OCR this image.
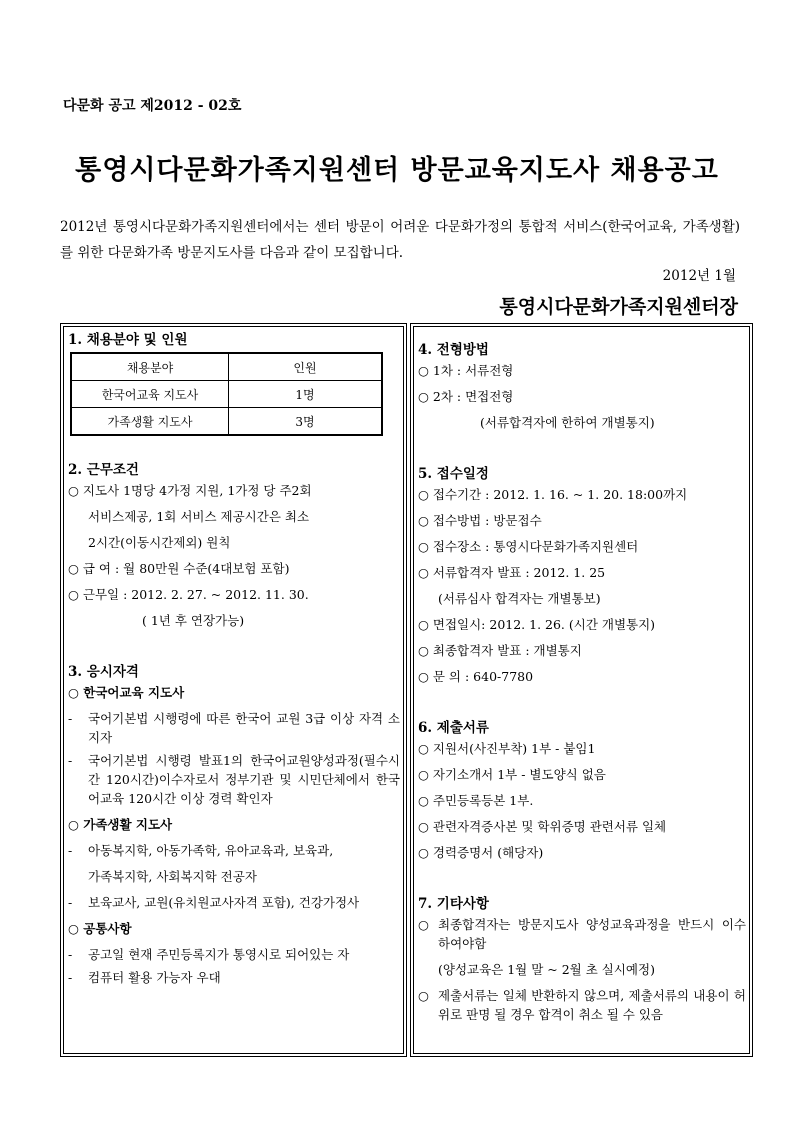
다문화 공고 제2012 - 02호
통영시다문화가족지원센터 방문교육지도사 채용공고
2012년 통영시다문화가족지원센터에서는 센터 방문이 어려운 다문화가정의 통합적 서비스(한국어교육, 가족생활)를 위한 다문화가족 방문지도사를 다음과 같이 모집합니다.
2012년 1월
통영시다문화가족지원센터장
1. 채용분야 및 인원
채용분야	인원
한국어교육 지도사	1명
가족생활 지도사	3명
2. 근무조건
○ 지도사 1명당 4가정 지원, 1가정 당 주2회
서비스제공, 1회 서비스 제공시간은 최소
2시간(이동시간제외) 원칙
○ 급 여 : 월 80만원 수준(4대보험 포함)
○ 근무일 : 2012. 2. 27. ~ 2012. 11. 30.
( 1년 후 연장가능)
3. 응시자격
○ 한국어교육 지도사
-	국어기본법 시행령에 따른 한국어 교원 3급 이상 자격 소지자
-	국어기본법 시행령 발표1의 한국어교원양성과정(필수시간 120시간)이수자로서 정부기관 및 시민단체에서 한국어교육 120시간 이상 경력 확인자
○ 가족생활 지도사
-	아동복지학, 아동가족학, 유아교육과, 보육과,
가족복지학, 사회복지학 전공자
-	보육교사, 교원(유치원교사자격 포함), 건강가정사
○ 공통사항
-	공고일 현재 주민등록지가 통영시로 되어있는 자
-	컴퓨터 활용 가능자 우대
4. 전형방법
○ 1차 : 서류전형
○ 2차 : 면접전형
(서류합격자에 한하여 개별통지)
5. 접수일정
○ 접수기간 : 2012. 1. 16. ~ 1. 20. 18:00까지
○ 접수방법 : 방문접수
○ 접수장소 : 통영시다문화가족지원센터
○ 서류합격자 발표 : 2012. 1. 25
(서류심사 합격자는 개별통보)
○ 면접일시: 2012. 1. 26. (시간 개별통지)
○ 최종합격자 발표 : 개별통지
○ 문 의 : 640-7780
6. 제출서류
○ 지원서(사진부착) 1부 - 붙임1
○ 자기소개서 1부 - 별도양식 없음
○ 주민등록등본 1부.
○ 관련자격증사본 및 학위증명 관련서류 일체
○ 경력증명서 (해당자)
7. 기타사항
○ 최종합격자는 방문지도사 양성교육과정을 반드시 이수 하여야함
(양성교육은 1월 말 ~ 2월 초 실시예정)
○ 제출서류는 일체 반환하지 않으며, 제출서류의 내용이 허위로 판명 될 경우 합격이 취소 될 수 있음
